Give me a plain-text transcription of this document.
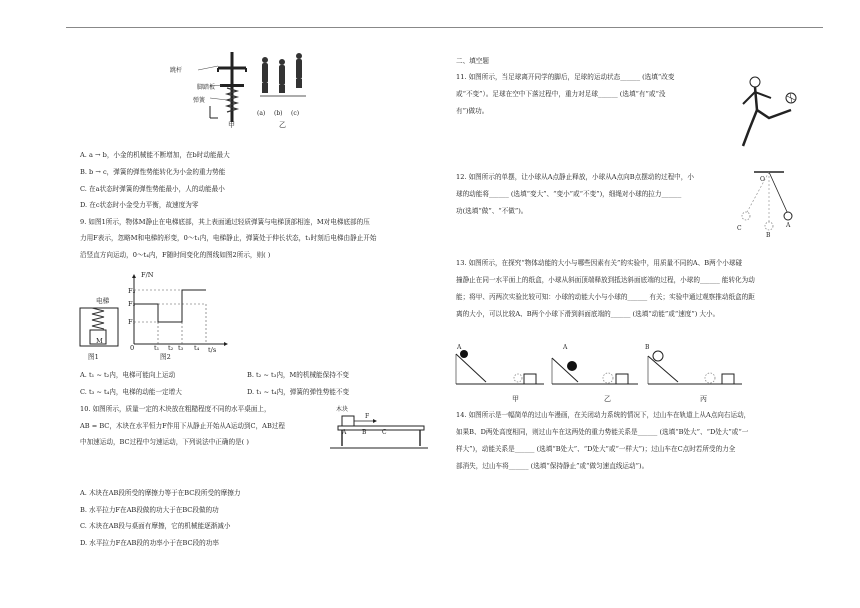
跳杆
脚踏板
弹簧
(a) (b) (c)
甲	乙
A. a → b，小金的机械能不断增加，在b时动能最大
B. b → c，弹簧的弹性势能转化为小金的重力势能
C. 在a状态时弹簧的弹性势能最小，人的动能最小
D. 在c状态时小金受力平衡，故速度为零
9. 如图1所示，物体M静止在电梯底部，其上表面通过轻质弹簧与电梯顶部相连，M对电梯底部的压
力用F表示，忽略M和电梯的形变，0～t₁内，电梯静止，弹簧处于伸长状态，t₁时刻后电梯由静止开始
沿竖直方向运动，0～t₄内，F随时间变化的图线如图2所示，则( )
电梯
M
图1
F/N
t/s
F₃
F₂
F₁
0	t₁ t₂ t₃ t₄
图2
A. t₁ ~ t₂内，电梯可能向上运动	B. t₂ ~ t₃内，M的机械能保持不变
C. t₃ ~ t₄内，电梯的动能一定增大	D. t₁ ~ t₄内，弹簧的弹性势能不变
10. 如图所示，质量一定的木块放在粗糙程度不同的水平桌面上，
AB = BC，木块在水平恒力F作用下从静止开始从A运动到C，AB过程
中加速运动，BC过程中匀速运动，下列说法中正确的是( )
木块
F
A	B	C
A. 木块在AB段所受的摩擦力等于在BC段所受的摩擦力
B. 水平拉力F在AB段做的功大于在BC段做的功
C. 木块在AB段与桌面有摩擦，它的机械能逐渐减小
D. 水平拉力F在AB段的功率小于在BC段的功率
二、填空题
11. 如图所示，当足球离开同学的脚后，足球的运动状态______ (选填“改变
或“不变”）。足球在空中下落过程中，重力对足球______ (选填“有”或“没
有”)做功。
12. 如图所示的单摆，让小球从A点静止释放，小球从A点向B点摆动的过程中，小
球的动能将______ (选填“变大”、“变小”或“不变”)，细绳对小球的拉力______
功(选填“做”、“不做”)。
O
A
B
C
13. 如图所示，在探究“物体动能的大小与哪些因素有关”的实验中，用质量不同的A、B两个小球碰
撞静止在同一水平面上的纸盒，小球从斜面顶端释放到抵达斜面底端的过程，小球的______ 能转化为动
能；将甲、丙两次实验比较可知：小球的动能大小与小球的______ 有关；实验中通过观察推动纸盒的距
离的大小，可以比较A、B两个小球下滑到斜面底端的______ (选填“动能”或“速度”) 大小。
A	A	B
甲	乙	丙
14. 如图所示是一幅简单的过山车漫画，在关闭动力系统的情况下，过山车在轨道上从A点向右运动，
如果B、D两处高度相同，则过山车在这两处的重力势能关系是______ (选填“B处大”、“D处大”或“一
样大”)，动能关系是______ (选填“B处大”、“D处大”或“一样大”)；过山车在C点时若所受的力全
部消失，过山车将______ (选填“保持静止”或“做匀速直线运动”)。
